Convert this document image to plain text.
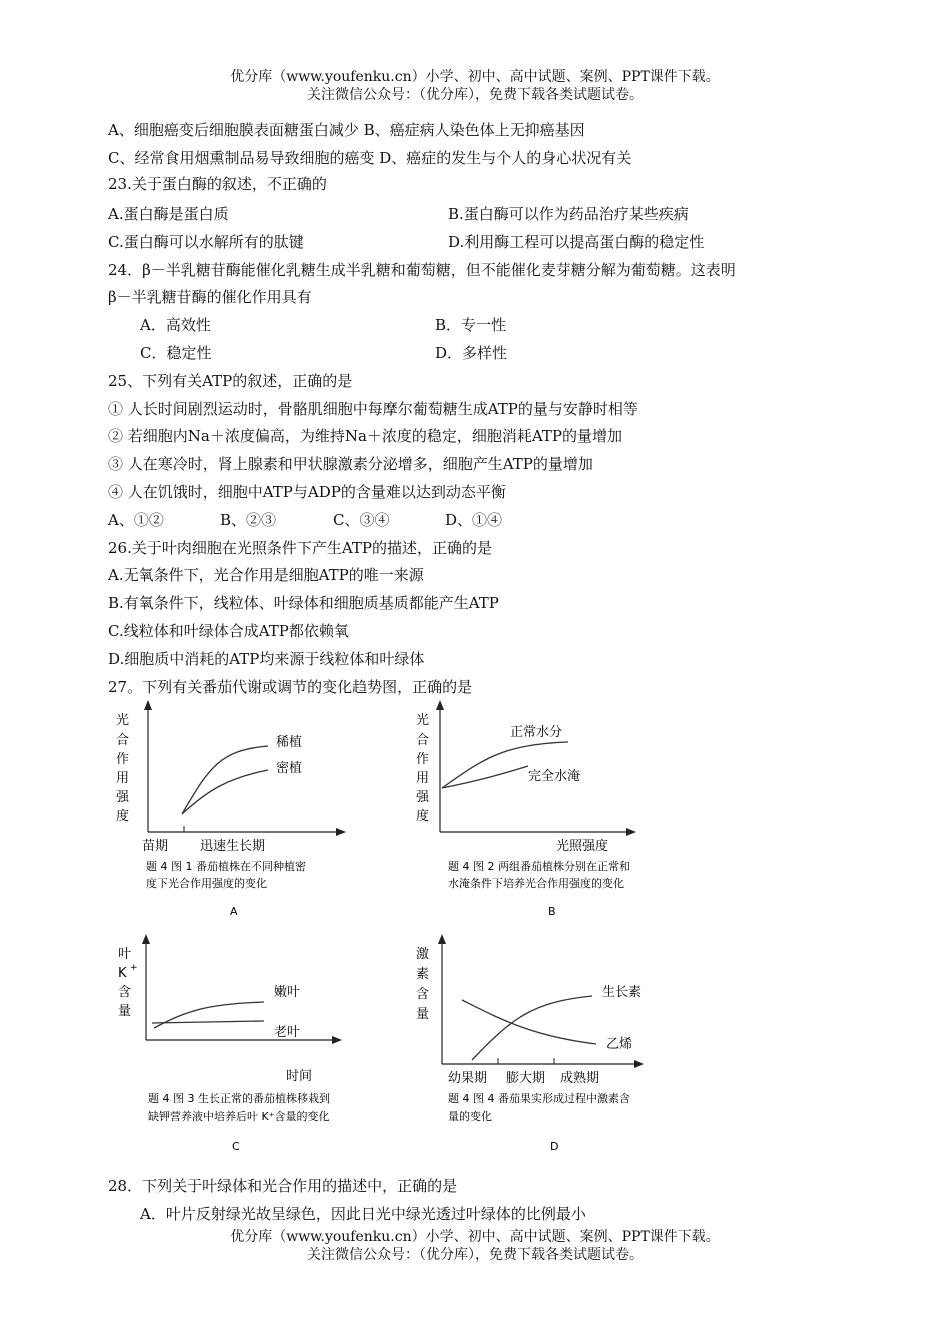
优分库（www.youfenku.cn）小学、初中、高中试题、案例、PPT课件下载。
关注微信公众号：（优分库），免费下载各类试题试卷。
A、细胞癌变后细胞膜表面糖蛋白减少 B、癌症病人染色体上无抑癌基因
C、经常食用烟熏制品易导致细胞的癌变 D、癌症的发生与个人的身心状况有关
23.关于蛋白酶的叙述，不正确的
A.蛋白酶是蛋白质	B.蛋白酶可以作为药品治疗某些疾病
C.蛋白酶可以水解所有的肽键	D.利用酶工程可以提高蛋白酶的稳定性
24．β－半乳糖苷酶能催化乳糖生成半乳糖和葡萄糖，但不能催化麦芽糖分解为葡萄糖。这表明
β－半乳糖苷酶的催化作用具有
A．高效性	B．专一性
C．稳定性	D．多样性
25、下列有关ATP的叙述，正确的是
① 人长时间剧烈运动时，骨骼肌细胞中每摩尔葡萄糖生成ATP的量与安静时相等
② 若细胞内Na＋浓度偏高，为维持Na＋浓度的稳定，细胞消耗ATP的量增加
③ 人在寒冷时，肾上腺素和甲状腺激素分泌增多，细胞产生ATP的量增加
④ 人在饥饿时，细胞中ATP与ADP的含量难以达到动态平衡
A、①②	B、②③	C、③④	D、①④
26.关于叶肉细胞在光照条件下产生ATP的描述，正确的是
A.无氧条件下，光合作用是细胞ATP的唯一来源
B.有氧条件下，线粒体、叶绿体和细胞质基质都能产生ATP
C.线粒体和叶绿体合成ATP都依赖氧
D.细胞质中消耗的ATP均来源于线粒体和叶绿体
27。下列有关番茄代谢或调节的变化趋势图，正确的是
光
合
作
用
强
度
稀植
密植
苗期 迅速生长期
题 4 图 1 番茄植株在不同种植密
度下光合作用强度的变化
A
光
合
作
用
强
度
正常水分
完全水淹
光照强度
题 4 图 2 两组番茄植株分别在正常和
水淹条件下培养光合作用强度的变化
B
叶
K +
含
量
嫩叶
老叶
时间
题 4 图 3 生长正常的番茄植株移栽到
缺钾营养液中培养后叶 K⁺含量的变化
C
激
素
含
量
生长素
乙烯
幼果期 膨大期 成熟期
题 4 图 4 番茄果实形成过程中激素含
量的变化
D
28．下列关于叶绿体和光合作用的描述中，正确的是
A．叶片反射绿光故呈绿色，因此日光中绿光透过叶绿体的比例最小
优分库（www.youfenku.cn）小学、初中、高中试题、案例、PPT课件下载。
关注微信公众号：（优分库），免费下载各类试题试卷。
